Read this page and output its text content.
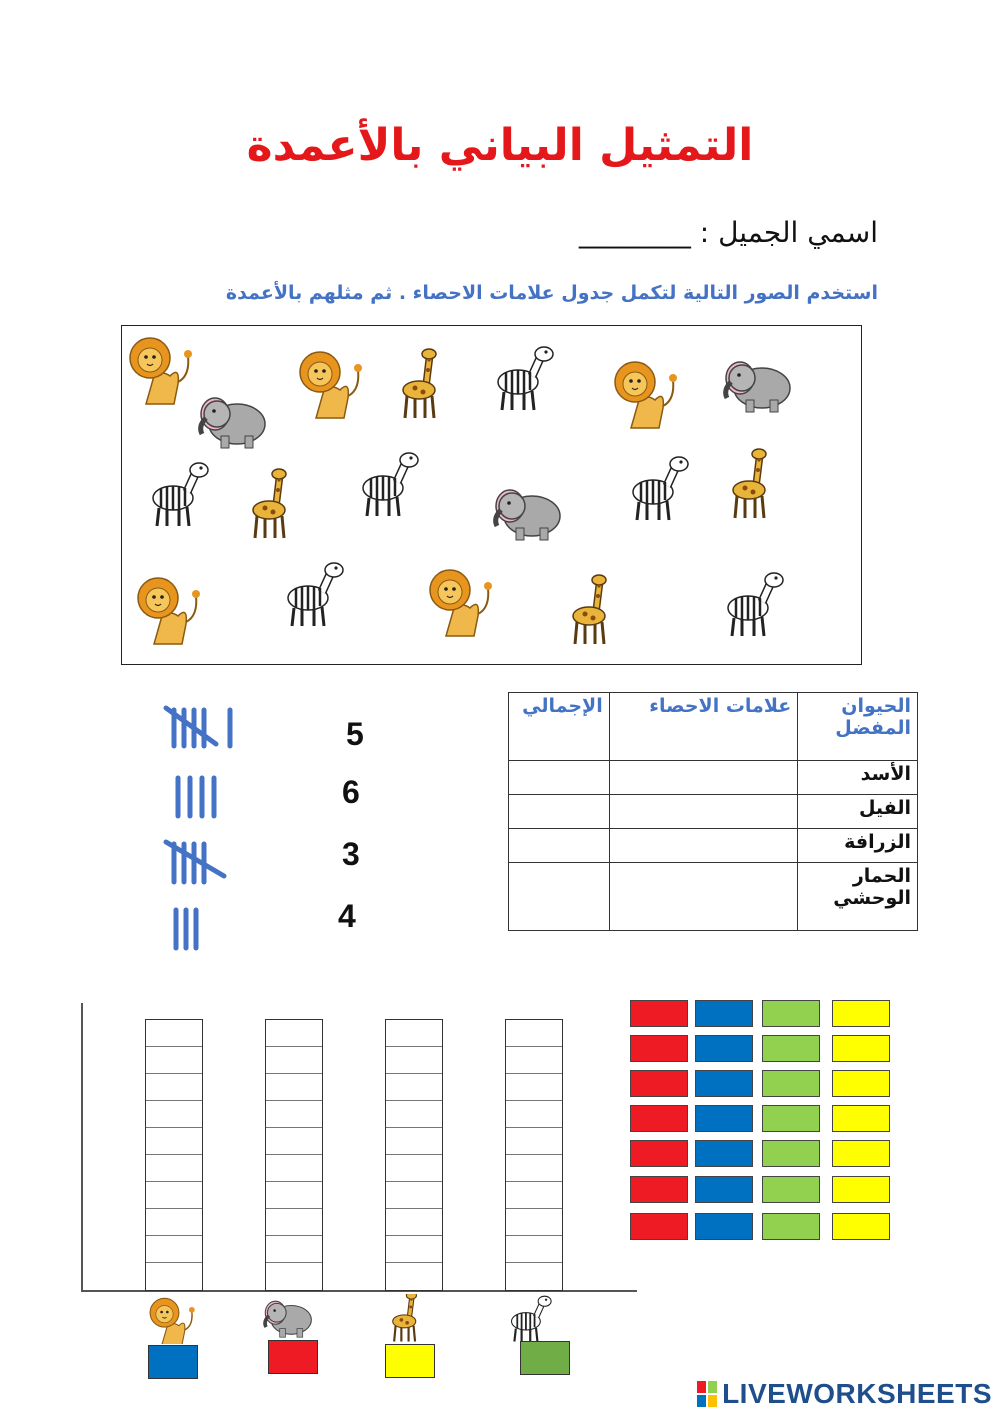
التمثيل البياني بالأعمدة
اسمي الجميل : ________
استخدم الصور التالية لتكمل جدول علامات الاحصاء . ثم مثلهم بالأعمدة
5
6
3
4
الحيوان المفضل	علامات الاحصاء	الإجمالي
الأسد		
الفيل		
الزرافة		
الحمار الوحشي		
LIVEWORKSHEETS
